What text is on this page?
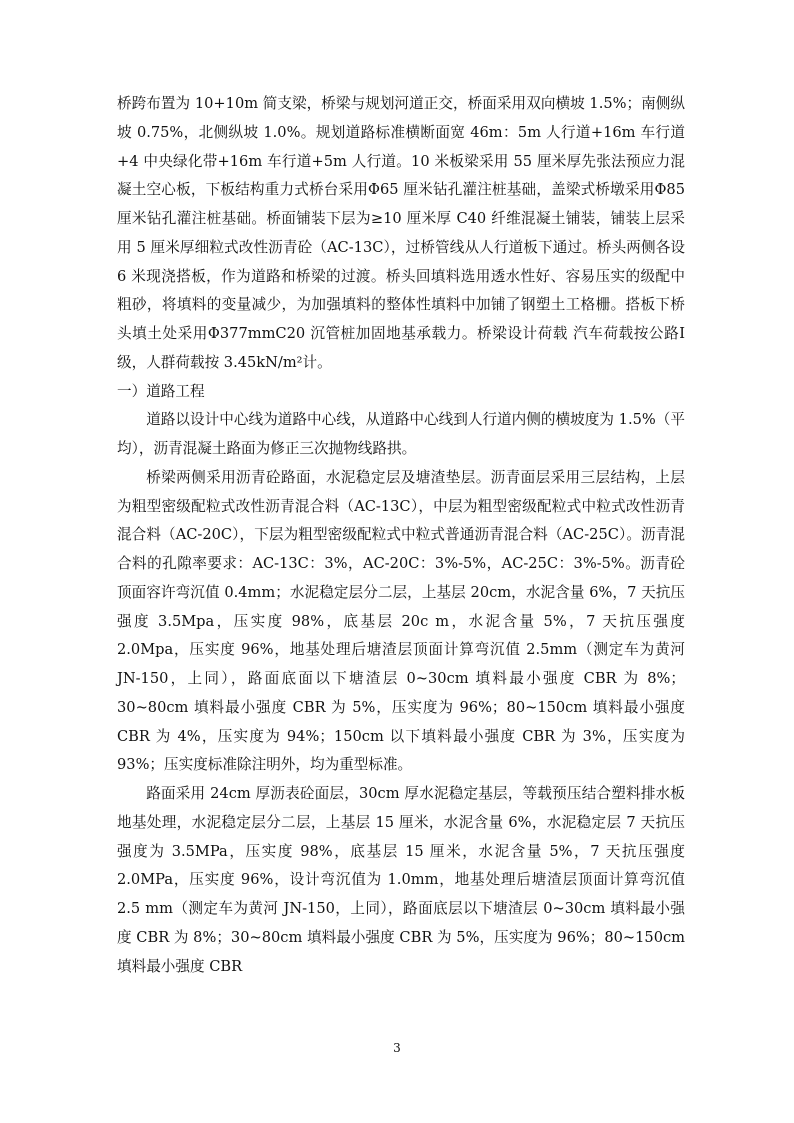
桥跨布置为 10+10m 简支梁，桥梁与规划河道正交，桥面采用双向横坡 1.5%；南侧纵坡 0.75%，北侧纵坡 1.0%。规划道路标准横断面宽 46m：5m 人行道+16m 车行道+4 中央绿化带+16m 车行道+5m 人行道。10 米板梁采用 55 厘米厚先张法预应力混凝土空心板，下板结构重力式桥台采用Φ65 厘米钻孔灌注桩基础，盖梁式桥墩采用Φ85 厘米钻孔灌注桩基础。桥面铺装下层为≥10 厘米厚 C40 纤维混凝土铺装，铺装上层采用 5 厘米厚细粒式改性沥青砼（AC-13C），过桥管线从人行道板下通过。桥头两侧各设 6 米现浇搭板，作为道路和桥梁的过渡。桥头回填料选用透水性好、容易压实的级配中粗砂，将填料的变量减少，为加强填料的整体性填料中加铺了钢塑土工格栅。搭板下桥头填土处采用Φ377mmC20 沉管桩加固地基承载力。桥梁设计荷载 汽车荷载按公路Ⅰ级，人群荷载按 3.45kN/m²计。

一）道路工程

道路以设计中心线为道路中心线，从道路中心线到人行道内侧的横坡度为 1.5%（平均），沥青混凝土路面为修正三次抛物线路拱。

桥梁两侧采用沥青砼路面，水泥稳定层及塘渣垫层。沥青面层采用三层结构，上层为粗型密级配粒式改性沥青混合料（AC-13C），中层为粗型密级配粒式中粒式改性沥青混合料（AC-20C），下层为粗型密级配粒式中粒式普通沥青混合料（AC-25C）。沥青混合料的孔隙率要求：AC-13C：3%，AC-20C：3%-5%，AC-25C：3%-5%。沥青砼顶面容许弯沉值 0.4mm；水泥稳定层分二层，上基层 20cm，水泥含量 6%，7 天抗压强度 3.5Mpa，压实度 98%，底基层 20c m，水泥含量 5%，7 天抗压强度 2.0Mpa，压实度 96%，地基处理后塘渣层顶面计算弯沉值 2.5mm（测定车为黄河 JN-150，上同），路面底面以下塘渣层 0~30cm 填料最小强度 CBR 为 8%；30~80cm 填料最小强度 CBR 为 5%，压实度为 96%；80~150cm 填料最小强度 CBR 为 4%，压实度为 94%；150cm 以下填料最小强度 CBR 为 3%，压实度为 93%；压实度标准除注明外，均为重型标准。

路面采用 24cm 厚沥表砼面层，30cm 厚水泥稳定基层，等载预压结合塑料排水板地基处理，水泥稳定层分二层，上基层 15 厘米，水泥含量 6%，水泥稳定层 7 天抗压强度为 3.5MPa，压实度 98%，底基层 15 厘米，水泥含量 5%，7 天抗压强度 2.0MPa，压实度 96%，设计弯沉值为 1.0mm，地基处理后塘渣层顶面计算弯沉值 2.5 mm（测定车为黄河 JN-150，上同），路面底层以下塘渣层 0~30cm 填料最小强度 CBR 为 8%；30~80cm 填料最小强度 CBR 为 5%，压实度为 96%；80~150cm 填料最小强度 CBR

3
